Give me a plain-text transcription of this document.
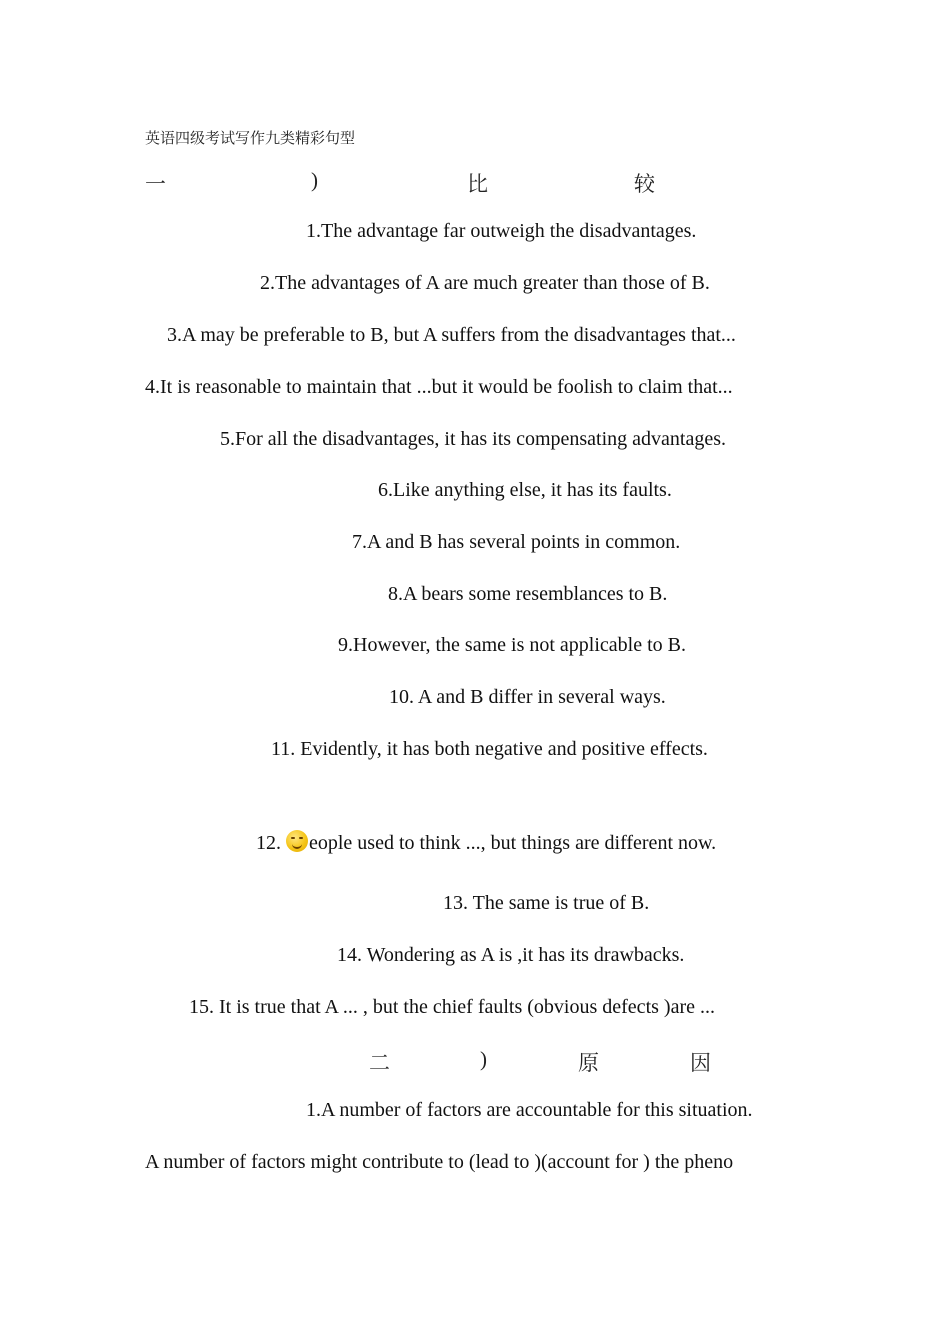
英语四级考试写作九类精彩句型
一	)	比	较
1.The advantage far outweigh the disadvantages.
2.The advantages of A are much greater than those of B.
3.A may be preferable to B, but A suffers from the disadvantages that...
4.It is reasonable to maintain that ...but it would be foolish to claim that...
5.For all the disadvantages, it has its compensating advantages.
6.Like anything else, it has its faults.
7.A and B has several points in common.
8.A bears some resemblances to B.
9.However, the same is not applicable to B.
10. A and B differ in several ways.
11. Evidently, it has both negative and positive effects.
12. eople used to think ..., but things are different now.
13. The same is true of B.
14. Wondering as A is ,it has its drawbacks.
15. It is true that A ... , but the chief faults (obvious defects )are ...
二	)	原	因
1.A number of factors are accountable for this situation.
A number of factors might contribute to (lead to )(account for ) the pheno
